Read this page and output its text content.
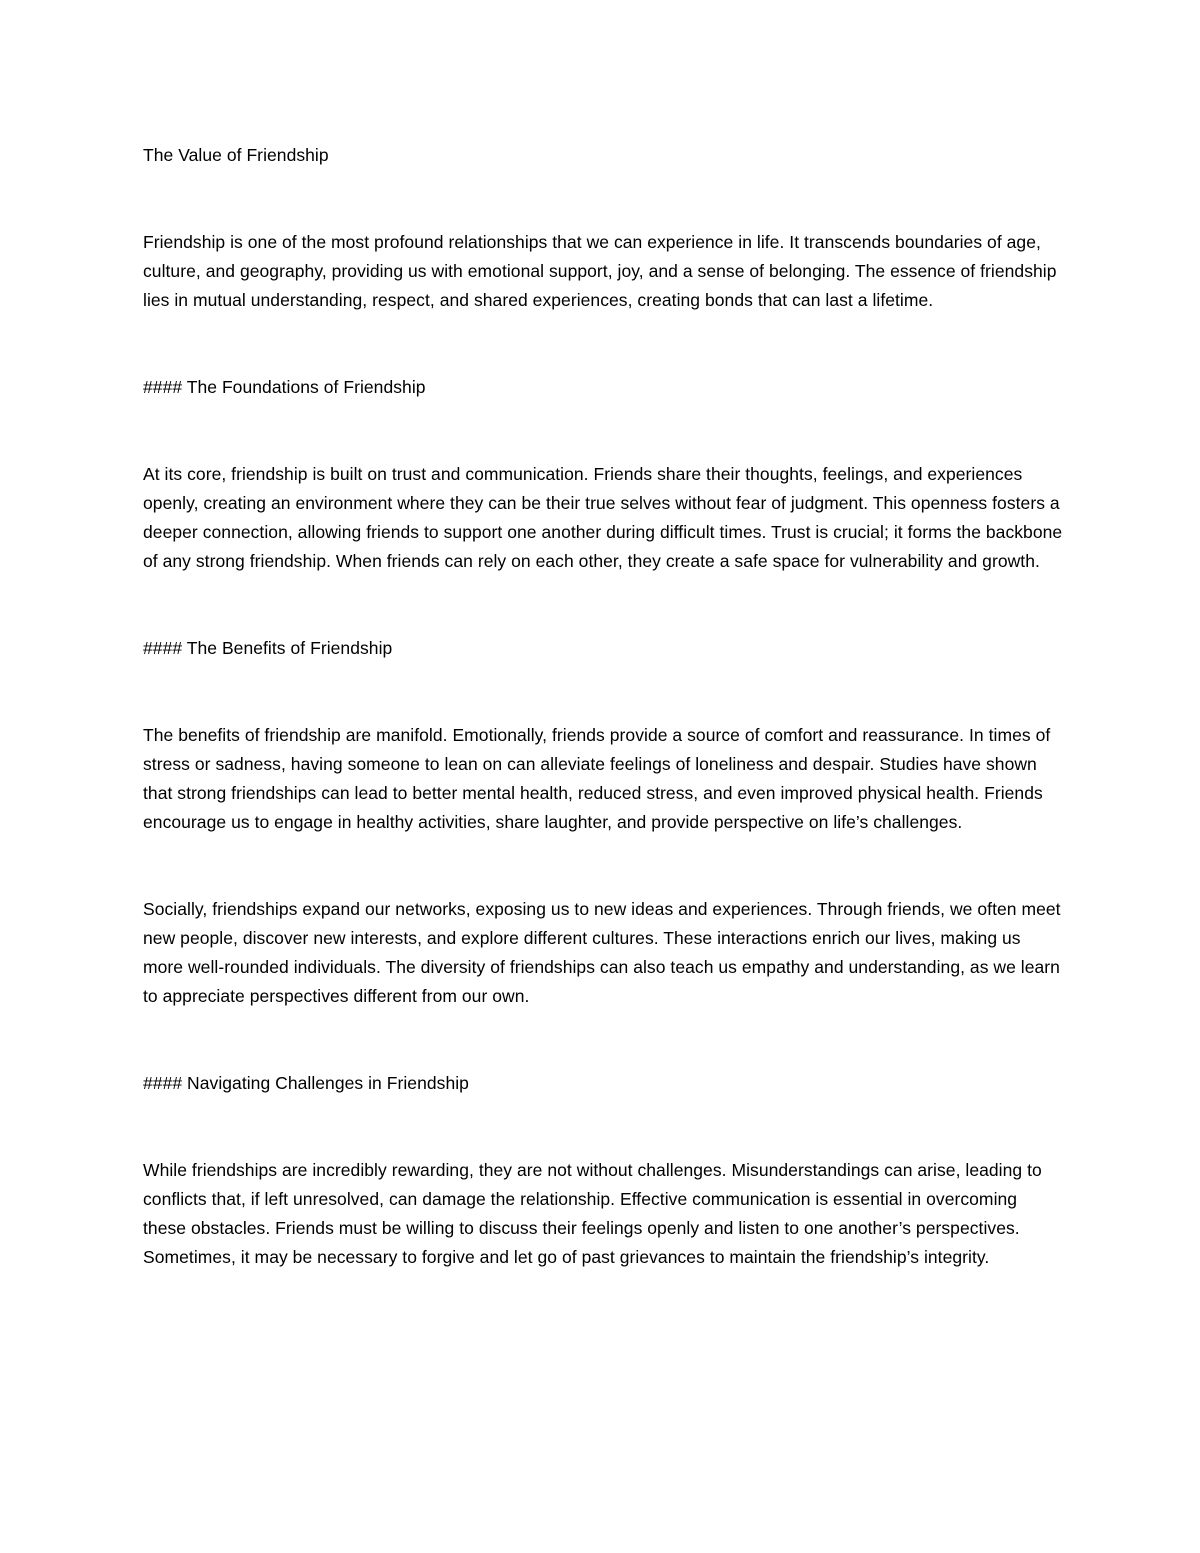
The Value of Friendship

Friendship is one of the most profound relationships that we can experience in life. It transcends boundaries of age, culture, and geography, providing us with emotional support, joy, and a sense of belonging. The essence of friendship lies in mutual understanding, respect, and shared experiences, creating bonds that can last a lifetime.

#### The Foundations of Friendship

At its core, friendship is built on trust and communication. Friends share their thoughts, feelings, and experiences openly, creating an environment where they can be their true selves without fear of judgment. This openness fosters a deeper connection, allowing friends to support one another during difficult times. Trust is crucial; it forms the backbone of any strong friendship. When friends can rely on each other, they create a safe space for vulnerability and growth.

#### The Benefits of Friendship

The benefits of friendship are manifold. Emotionally, friends provide a source of comfort and reassurance. In times of stress or sadness, having someone to lean on can alleviate feelings of loneliness and despair. Studies have shown that strong friendships can lead to better mental health, reduced stress, and even improved physical health. Friends encourage us to engage in healthy activities, share laughter, and provide perspective on life’s challenges.

Socially, friendships expand our networks, exposing us to new ideas and experiences. Through friends, we often meet new people, discover new interests, and explore different cultures. These interactions enrich our lives, making us more well-rounded individuals. The diversity of friendships can also teach us empathy and understanding, as we learn to appreciate perspectives different from our own.

#### Navigating Challenges in Friendship

While friendships are incredibly rewarding, they are not without challenges. Misunderstandings can arise, leading to conflicts that, if left unresolved, can damage the relationship. Effective communication is essential in overcoming these obstacles. Friends must be willing to discuss their feelings openly and listen to one another’s perspectives. Sometimes, it may be necessary to forgive and let go of past grievances to maintain the friendship’s integrity.
